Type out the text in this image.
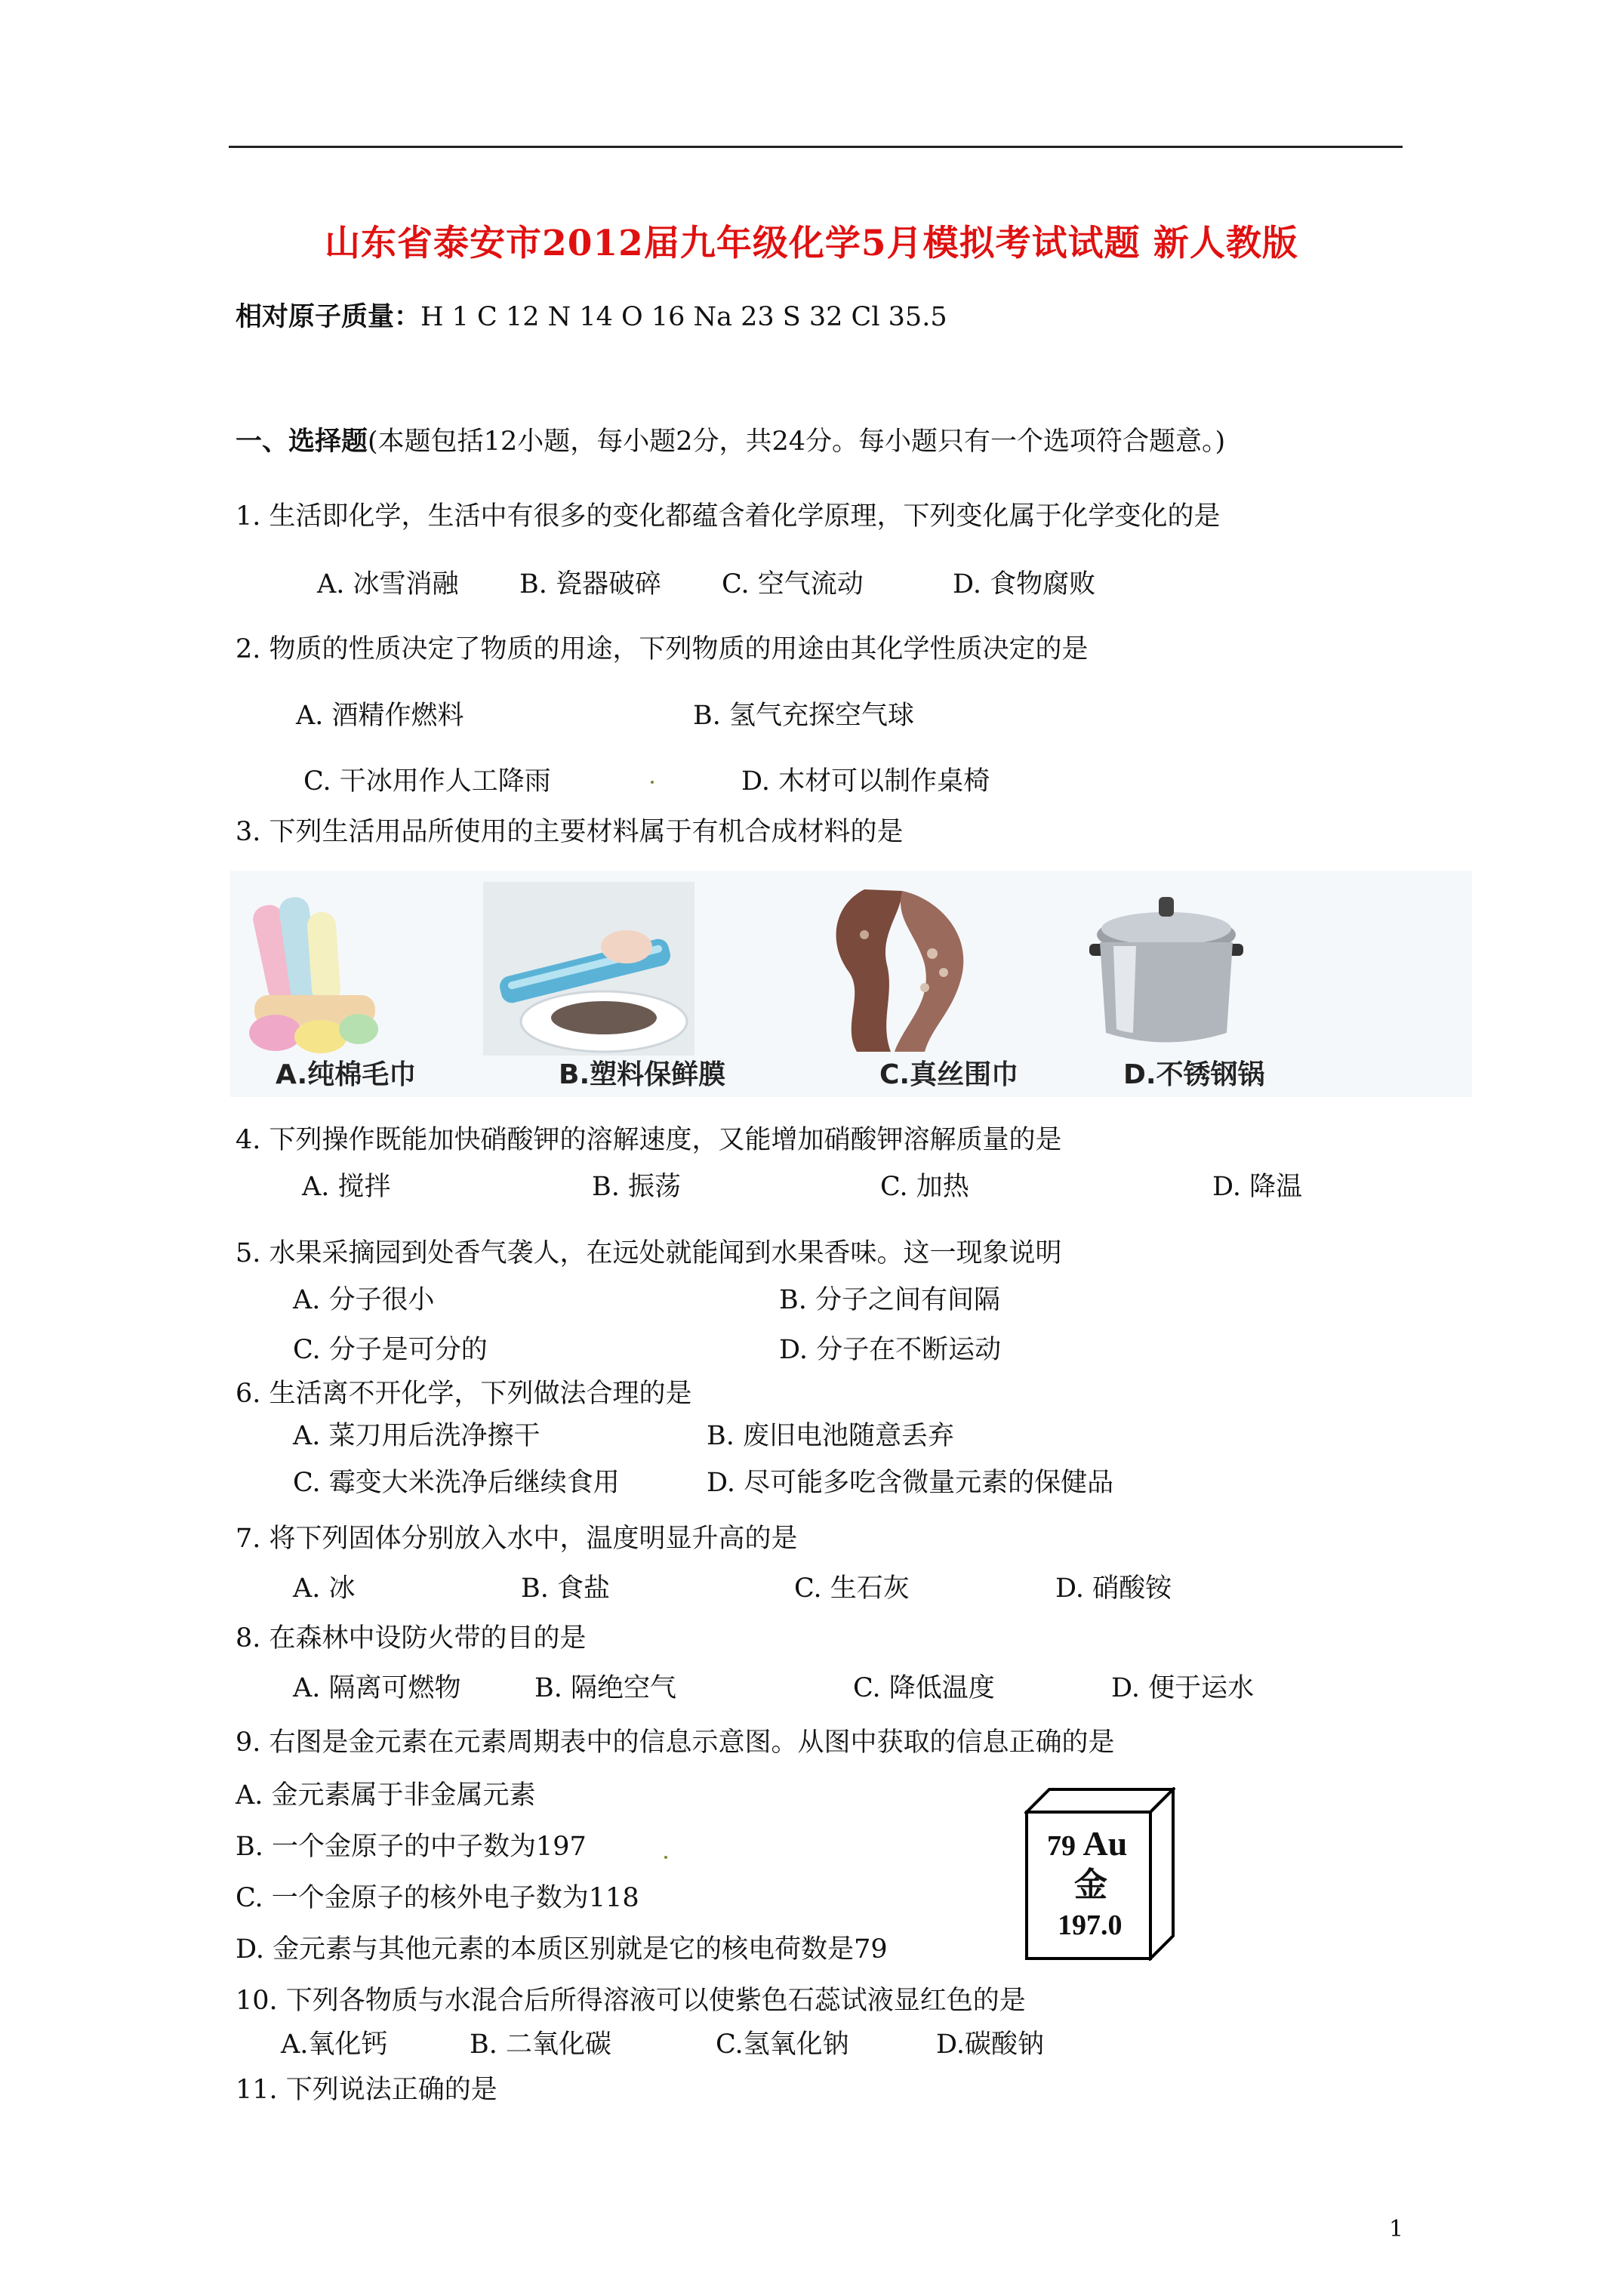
山东省泰安市2012届九年级化学5月模拟考试试题 新人教版
相对原子质量：H 1 C 12 N 14 O 16 Na 23 S 32 Cl 35.5
一、选择题(本题包括12小题，每小题2分，共24分。每小题只有一个选项符合题意。)
1. 生活即化学，生活中有很多的变化都蕴含着化学原理，下列变化属于化学变化的是
A. 冰雪消融 B. 瓷器破碎 C. 空气流动	D. 食物腐败
2. 物质的性质决定了物质的用途，下列物质的用途由其化学性质决定的是
A. 酒精作燃料	B. 氢气充探空气球
C. 干冰用作人工降雨	D. 木材可以制作桌椅
3. 下列生活用品所使用的主要材料属于有机合成材料的是
A.纯棉毛巾	B.塑料保鲜膜	C.真丝围巾	D.不锈钢锅
4. 下列操作既能加快硝酸钾的溶解速度，又能增加硝酸钾溶解质量的是
A. 搅拌	B. 振荡	C. 加热	D. 降温
5. 水果采摘园到处香气袭人，在远处就能闻到水果香味。这一现象说明
A. 分子很小	B. 分子之间有间隔
C. 分子是可分的	D. 分子在不断运动
6. 生活离不开化学，下列做法合理的是
A. 菜刀用后洗净擦干	B. 废旧电池随意丢弃
C. 霉变大米洗净后继续食用	D. 尽可能多吃含微量元素的保健品
7. 将下列固体分别放入水中，温度明显升高的是
A. 冰	B. 食盐	C. 生石灰	D. 硝酸铵
8. 在森林中设防火带的目的是
A. 隔离可燃物	B. 隔绝空气	C. 降低温度	D. 便于运水
9. 右图是金元素在元素周期表中的信息示意图。从图中获取的信息正确的是
A. 金元素属于非金属元素
B. 一个金原子的中子数为197
C. 一个金原子的核外电子数为118
D. 金元素与其他元素的本质区别就是它的核电荷数是79
79 Au
金
197.0
10. 下列各物质与水混合后所得溶液可以使紫色石蕊试液显红色的是
A.氧化钙	B. 二氧化碳	C.氢氧化钠	D.碳酸钠
11. 下列说法正确的是
1
